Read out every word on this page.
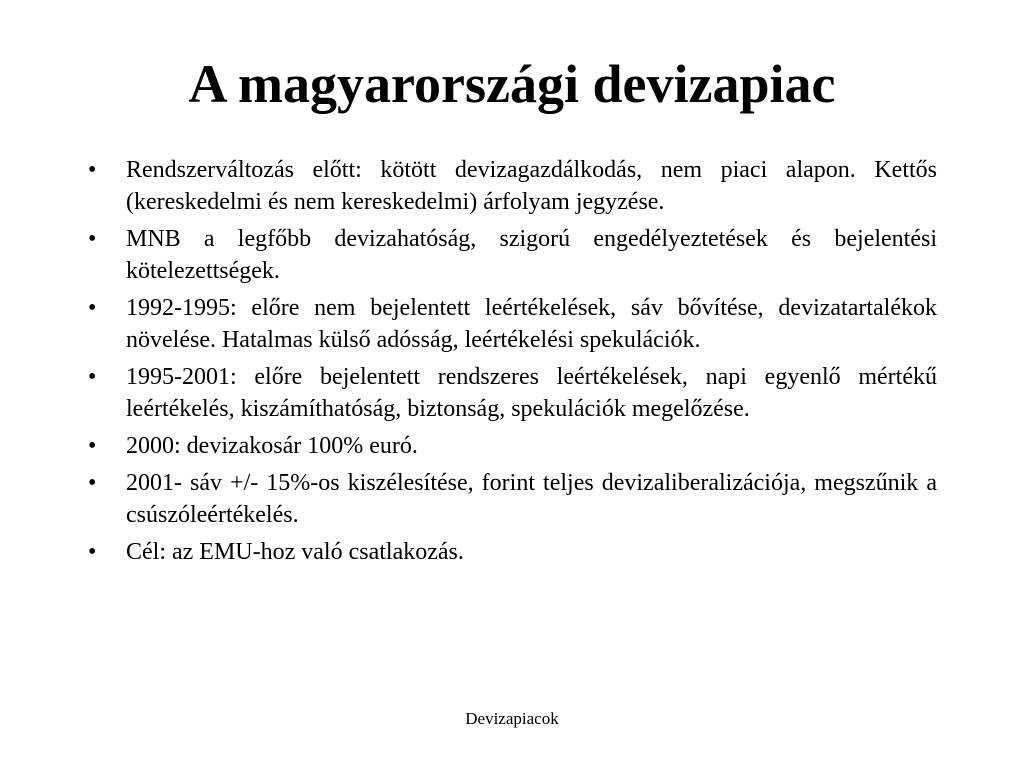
A magyarországi devizapiac
•	Rendszerváltozás előtt: kötött devizagazdálkodás, nem piaci alapon. Kettős (kereskedelmi és nem kereskedelmi) árfolyam jegyzése.
•	MNB a legfőbb devizahatóság, szigorú engedélyeztetések és bejelentési kötelezettségek.
•	1992-1995: előre nem bejelentett leértékelések, sáv bővítése, devizatartalékok növelése. Hatalmas külső adósság, leértékelési spekulációk.
•	1995-2001: előre bejelentett rendszeres leértékelések, napi egyenlő mértékű leértékelés, kiszámíthatóság, biztonság, spekulációk megelőzése.
•	2000: devizakosár 100% euró.
•	2001- sáv +/- 15%-os kiszélesítése, forint teljes devizaliberalizációja, megszűnik a csúszóleértékelés.
•	Cél: az EMU-hoz való csatlakozás.

Devizapiacok
